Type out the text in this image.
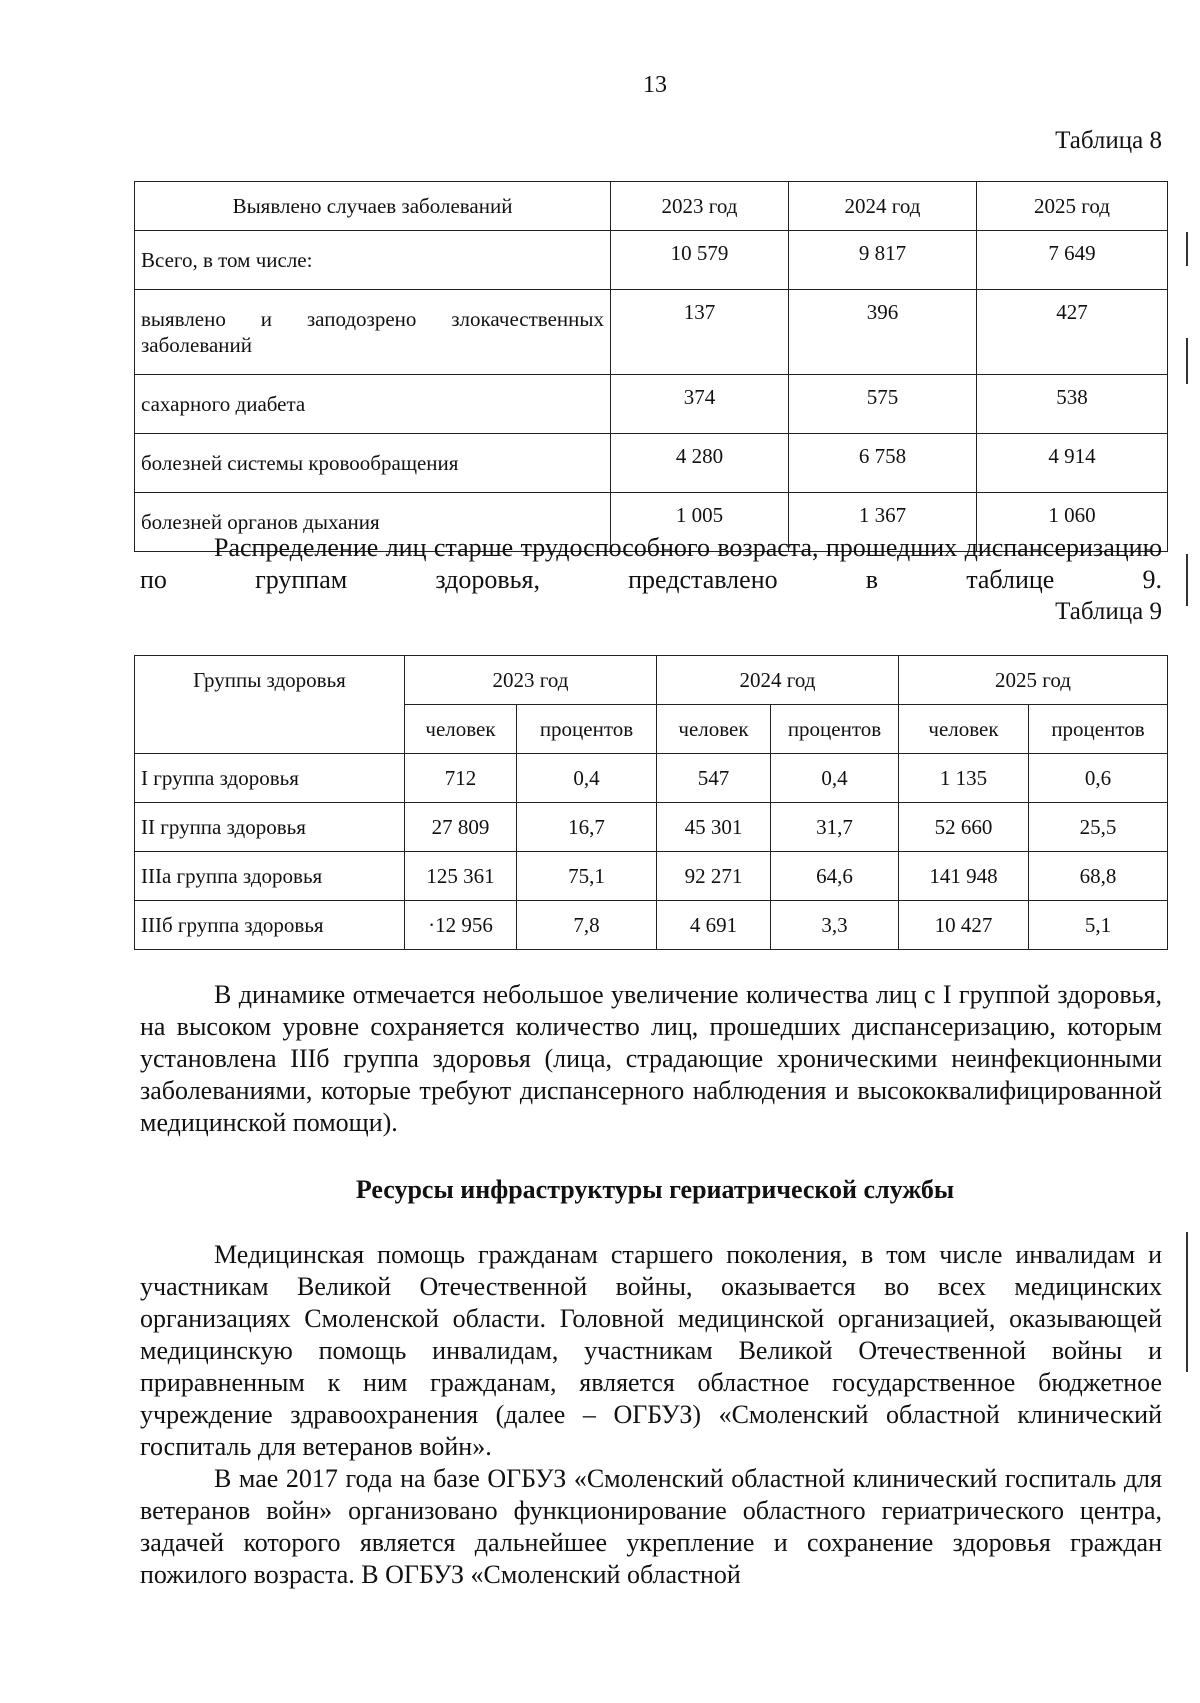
13
Таблица 8
Выявлено случаев заболеваний	2023 год	2024 год	2025 год
Всего, в том числе:	10 579	9 817	7 649
выявлено и заподозрено злокачественных заболеваний	137	396	427
сахарного диабета	374	575	538
болезней системы кровообращения	4 280	6 758	4 914
болезней органов дыхания	1 005	1 367	1 060

Распределение лиц старше трудоспособного возраста, прошедших диспансеризацию по группам здоровья, представлено в таблице 9.

Таблица 9
Группы здоровья	2023 год		2024 год		2025 год	
	человек	процентов	человек	процентов	человек	процентов
I группа здоровья	712	0,4	547	0,4	1 135	0,6
II группа здоровья	27 809	16,7	45 301	31,7	52 660	25,5
IIIа группа здоровья	125 361	75,1	92 271	64,6	141 948	68,8
IIIб группа здоровья	·12 956	7,8	4 691	3,3	10 427	5,1

В динамике отмечается небольшое увеличение количества лиц с I группой здоровья, на высоком уровне сохраняется количество лиц, прошедших диспансеризацию, которым установлена IIIб группа здоровья (лица, страдающие хроническими неинфекционными заболеваниями, которые требуют диспансерного наблюдения и высококвалифицированной медицинской помощи).

Ресурсы инфраструктуры гериатрической службы

Медицинская помощь гражданам старшего поколения, в том числе инвалидам и участникам Великой Отечественной войны, оказывается во всех медицинских организациях Смоленской области. Головной медицинской организацией, оказывающей медицинскую помощь инвалидам, участникам Великой Отечественной войны и приравненным к ним гражданам, является областное государственное бюджетное учреждение здравоохранения (далее – ОГБУЗ) «Смоленский областной клинический госпиталь для ветеранов войн».

В мае 2017 года на базе ОГБУЗ «Смоленский областной клинический госпиталь для ветеранов войн» организовано функционирование областного гериатрического центра, задачей которого является дальнейшее укрепление и сохранение здоровья граждан пожилого возраста. В ОГБУЗ «Смоленский областной
